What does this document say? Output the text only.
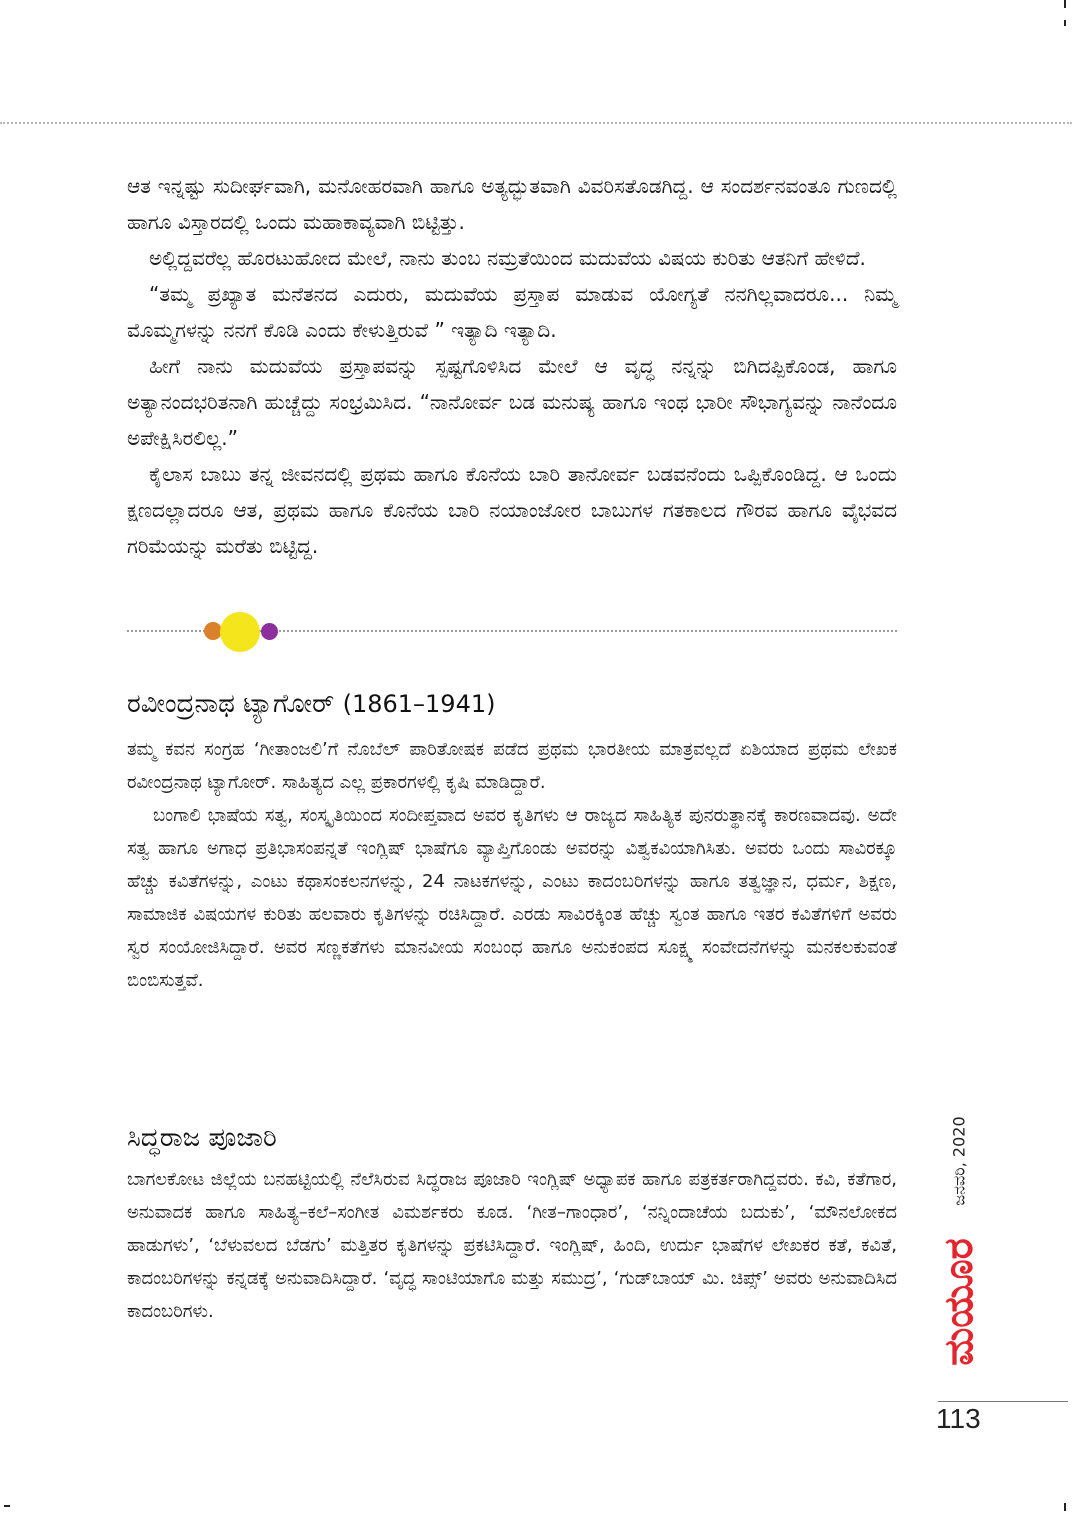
ಆತ ಇನ್ನಷ್ಟು ಸುದೀರ್ಘವಾಗಿ, ಮನೋಹರವಾಗಿ ಹಾಗೂ ಅತ್ಯದ್ಭುತವಾಗಿ ವಿವರಿಸತೊಡಗಿದ್ದ. ಆ ಸಂದರ್ಶನವಂತೂ ಗುಣದಲ್ಲಿ ಹಾಗೂ ವಿಸ್ತಾರದಲ್ಲಿ ಒಂದು ಮಹಾಕಾವ್ಯವಾಗಿ ಬಿಟ್ಟಿತ್ತು.

ಅಲ್ಲಿದ್ದವರೆಲ್ಲ ಹೊರಟುಹೋದ ಮೇಲೆ, ನಾನು ತುಂಬ ನಮ್ರತೆಯಿಂದ ಮದುವೆಯ ವಿಷಯ ಕುರಿತು ಆತನಿಗೆ ಹೇಳಿದೆ.

“ತಮ್ಮ ಪ್ರಖ್ಯಾತ ಮನೆತನದ ಎದುರು, ಮದುವೆಯ ಪ್ರಸ್ತಾಪ ಮಾಡುವ ಯೋಗ್ಯತೆ ನನಗಿಲ್ಲವಾದರೂ... ನಿಮ್ಮ ಮೊಮ್ಮಗಳನ್ನು ನನಗೆ ಕೊಡಿ ಎಂದು ಕೇಳುತ್ತಿರುವೆ ” ಇತ್ಯಾದಿ ಇತ್ಯಾದಿ.

ಹೀಗೆ ನಾನು ಮದುವೆಯ ಪ್ರಸ್ತಾಪವನ್ನು ಸ್ಪಷ್ಟಗೊಳಿಸಿದ ಮೇಲೆ ಆ ವೃದ್ಧ ನನ್ನನ್ನು ಬಿಗಿದಪ್ಪಿಕೊಂಡ, ಹಾಗೂ ಅತ್ಯಾನಂದಭರಿತನಾಗಿ ಹುಚ್ಚೆದ್ದು ಸಂಭ್ರಮಿಸಿದ. “ನಾನೋರ್ವ ಬಡ ಮನುಷ್ಯ ಹಾಗೂ ಇಂಥ ಭಾರೀ ಸೌಭಾಗ್ಯವನ್ನು ನಾನೆಂದೂ ಅಪೇಕ್ಷಿಸಿರಲಿಲ್ಲ.”

ಕೈಲಾಸ ಬಾಬು ತನ್ನ ಜೀವನದಲ್ಲಿ ಪ್ರಥಮ ಹಾಗೂ ಕೊನೆಯ ಬಾರಿ ತಾನೋರ್ವ ಬಡವನೆಂದು ಒಪ್ಪಿಕೊಂಡಿದ್ದ. ಆ ಒಂದು ಕ್ಷಣದಲ್ಲಾದರೂ ಆತ, ಪ್ರಥಮ ಹಾಗೂ ಕೊನೆಯ ಬಾರಿ ನಯಾಂಜೋರ ಬಾಬುಗಳ ಗತಕಾಲದ ಗೌರವ ಹಾಗೂ ವೈಭವದ ಗರಿಮೆಯನ್ನು ಮರೆತು ಬಿಟ್ಟಿದ್ದ.

ರವೀಂದ್ರನಾಥ ಟ್ಯಾಗೋರ್ (1861–1941)

ತಮ್ಮ ಕವನ ಸಂಗ್ರಹ ‘ಗೀತಾಂಜಲಿ’ಗೆ ನೊಬೆಲ್ ಪಾರಿತೋಷಕ ಪಡೆದ ಪ್ರಥಮ ಭಾರತೀಯ ಮಾತ್ರವಲ್ಲದೆ ಏಶಿಯಾದ ಪ್ರಥಮ ಲೇಖಕ ರವೀಂದ್ರನಾಥ ಟ್ಯಾಗೋರ್. ಸಾಹಿತ್ಯದ ಎಲ್ಲ ಪ್ರಕಾರಗಳಲ್ಲಿ ಕೃಷಿ ಮಾಡಿದ್ದಾರೆ.

ಬಂಗಾಲಿ ಭಾಷೆಯ ಸತ್ವ, ಸಂಸ್ಕೃತಿಯಿಂದ ಸಂದೀಪ್ತವಾದ ಅವರ ಕೃತಿಗಳು ಆ ರಾಜ್ಯದ ಸಾಹಿತ್ಯಿಕ ಪುನರುತ್ಥಾನಕ್ಕೆ ಕಾರಣವಾದವು. ಅದೇ ಸತ್ವ ಹಾಗೂ ಅಗಾಧ ಪ್ರತಿಭಾಸಂಪನ್ನತೆ ಇಂಗ್ಲಿಷ್ ಭಾಷೆಗೂ ವ್ಯಾಪ್ತಿಗೊಂಡು ಅವರನ್ನು ವಿಶ್ವಕವಿಯಾಗಿಸಿತು. ಅವರು ಒಂದು ಸಾವಿರಕ್ಕೂ ಹೆಚ್ಚು ಕವಿತೆಗಳನ್ನು, ಎಂಟು ಕಥಾಸಂಕಲನಗಳನ್ನು, 24 ನಾಟಕಗಳನ್ನು, ಎಂಟು ಕಾದಂಬರಿಗಳನ್ನು ಹಾಗೂ ತತ್ವಜ್ಞಾನ, ಧರ್ಮ, ಶಿಕ್ಷಣ, ಸಾಮಾಜಿಕ ವಿಷಯಗಳ ಕುರಿತು ಹಲವಾರು ಕೃತಿಗಳನ್ನು ರಚಿಸಿದ್ದಾರೆ. ಎರಡು ಸಾವಿರಕ್ಕಿಂತ ಹೆಚ್ಚು ಸ್ವಂತ ಹಾಗೂ ಇತರ ಕವಿತೆಗಳಿಗೆ ಅವರು ಸ್ವರ ಸಂಯೋಜಿಸಿದ್ದಾರೆ. ಅವರ ಸಣ್ಣಕತೆಗಳು ಮಾನವೀಯ ಸಂಬಂಧ ಹಾಗೂ ಅನುಕಂಪದ ಸೂಕ್ಷ್ಮ ಸಂವೇದನೆಗಳನ್ನು ಮನಕಲಕುವಂತೆ ಬಿಂಬಿಸುತ್ತವೆ.

ಸಿದ್ಧರಾಜ ಪೂಜಾರಿ

ಬಾಗಲಕೋಟ ಜಿಲ್ಲೆಯ ಬನಹಟ್ಟಿಯಲ್ಲಿ ನೆಲೆಸಿರುವ ಸಿದ್ಧರಾಜ ಪೂಜಾರಿ ಇಂಗ್ಲಿಷ್ ಅಧ್ಯಾಪಕ ಹಾಗೂ ಪತ್ರಕರ್ತರಾಗಿದ್ದವರು. ಕವಿ, ಕತೆಗಾರ, ಅನುವಾದಕ ಹಾಗೂ ಸಾಹಿತ್ಯ–ಕಲೆ–ಸಂಗೀತ ವಿಮರ್ಶಕರು ಕೂಡ. ‘ಗೀತ–ಗಾಂಧಾರ’, ‘ನನ್ನಿಂದಾಚೆಯ ಬದುಕು’, ‘ಮೌನಲೋಕದ ಹಾಡುಗಳು’, ‘ಬೆಳುವಲದ ಬೆಡಗು’ ಮತ್ತಿತರ ಕೃತಿಗಳನ್ನು ಪ್ರಕಟಿಸಿದ್ದಾರೆ. ಇಂಗ್ಲಿಷ್, ಹಿಂದಿ, ಉರ್ದು ಭಾಷೆಗಳ ಲೇಖಕರ ಕತೆ, ಕವಿತೆ, ಕಾದಂಬರಿಗಳನ್ನು ಕನ್ನಡಕ್ಕೆ ಅನುವಾದಿಸಿದ್ದಾರೆ. ‘ವೃದ್ಧ ಸಾಂಟಿಯಾಗೊ ಮತ್ತು ಸಮುದ್ರ’, ‘ಗುಡ್‌ಬಾಯ್ ಮಿ. ಚಿಪ್ಸ್’ ಅವರು ಅನುವಾದಿಸಿದ ಕಾದಂಬರಿಗಳು.

ಜನವರಿ, 2020
ಮಯೂರ
113
